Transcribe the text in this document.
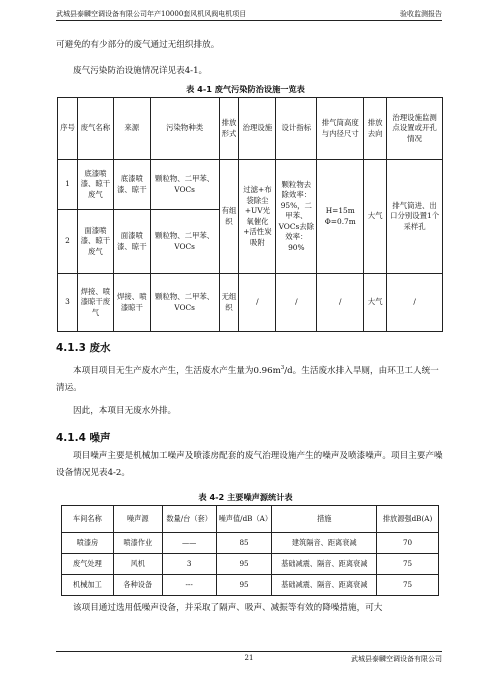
武城县泰麟空调设备有限公司年产10000套风机风阀电机项目	验收监测报告

可避免的有少部分的废气通过无组织排放。

废气污染防治设施情况详见表4-1。

表 4-1 废气污染防治设施一览表
序号	废气名称	来源	污染物种类	排放形式	治理设施	设计指标	排气筒高度与内径尺寸	排放去向	治理设施监测点设置或开孔情况
1	底漆喷漆、晾干废气	底漆喷漆、晾干	颗粒物、二甲苯、VOCs	有组织	过滤+布袋除尘+UV光氧催化+活性炭吸附	颗粒物去除效率：95%，二甲苯、VOCs去除效率：90%	H=15m Φ=0.7m	大气	排气筒进、出口分别设置1个采样孔
2	面漆喷漆、晾干废气	面漆喷漆、晾干	颗粒物、二甲苯、VOCs						
3	焊接、喷漆晾干废气	焊接、喷漆晾干	颗粒物、二甲苯、VOCs	无组织	/	/	/	大气	/
4.1.3 废水

本项目项目无生产废水产生，生活废水产生量为$0.96m^3/d$。生活废水排入旱厕，由环卫工人统一清运。

因此，本项目无废水外排。

4.1.4 噪声

项目噪声主要是机械加工噪声及喷漆房配套的废气治理设施产生的噪声及喷漆噪声。项目主要产噪设备情况见表4-2。

表 4-2 主要噪声源统计表
车间名称	噪声源	数量/台（套）	噪声值/dB（A）	措施	排放源强dB(A)
喷漆房	喷漆作业	——	85	建筑隔音、距离衰减	70
废气处理	风机	3	95	基础减震、隔音、距离衰减	75
机械加工	各种设备	---	95	基础减震、隔音、距离衰减	75

该项目通过选用低噪声设备，并采取了隔声、吸声、减振等有效的降噪措施，可大

21	武城县泰麟空调设备有限公司
